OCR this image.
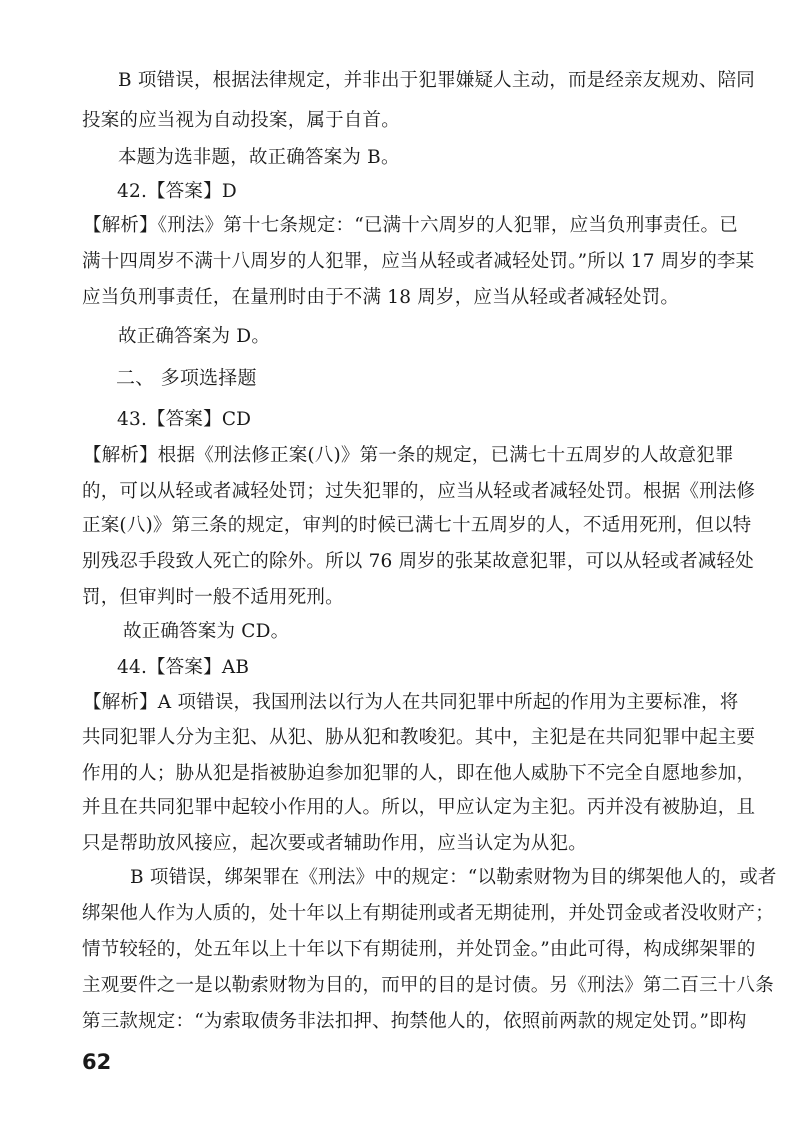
B 项错误，根据法律规定，并非出于犯罪嫌疑人主动，而是经亲友规劝、陪同
投案的应当视为自动投案，属于自首。
本题为选非题，故正确答案为 B。
42.【答案】D
【解析】《刑法》第十七条规定：“已满十六周岁的人犯罪，应当负刑事责任。已
满十四周岁不满十八周岁的人犯罪，应当从轻或者减轻处罚。”所以 17 周岁的李某
应当负刑事责任，在量刑时由于不满 18 周岁，应当从轻或者减轻处罚。
故正确答案为 D。
二、 多项选择题
43.【答案】CD
【解析】根据《刑法修正案(八)》第一条的规定，已满七十五周岁的人故意犯罪
的，可以从轻或者减轻处罚；过失犯罪的，应当从轻或者减轻处罚。根据《刑法修
正案(八)》第三条的规定，审判的时候已满七十五周岁的人，不适用死刑，但以特
别残忍手段致人死亡的除外。所以 76 周岁的张某故意犯罪，可以从轻或者减轻处
罚，但审判时一般不适用死刑。
故正确答案为 CD。
44.【答案】AB
【解析】A 项错误，我国刑法以行为人在共同犯罪中所起的作用为主要标准，将
共同犯罪人分为主犯、从犯、胁从犯和教唆犯。其中，主犯是在共同犯罪中起主要
作用的人；胁从犯是指被胁迫参加犯罪的人，即在他人威胁下不完全自愿地参加，
并且在共同犯罪中起较小作用的人。所以，甲应认定为主犯。丙并没有被胁迫，且
只是帮助放风接应，起次要或者辅助作用，应当认定为从犯。
B 项错误，绑架罪在《刑法》中的规定：“以勒索财物为目的绑架他人的，或者
绑架他人作为人质的，处十年以上有期徒刑或者无期徒刑，并处罚金或者没收财产；
情节较轻的，处五年以上十年以下有期徒刑，并处罚金。”由此可得，构成绑架罪的
主观要件之一是以勒索财物为目的，而甲的目的是讨债。另《刑法》第二百三十八条
第三款规定：“为索取债务非法扣押、拘禁他人的，依照前两款的规定处罚。”即构
62
